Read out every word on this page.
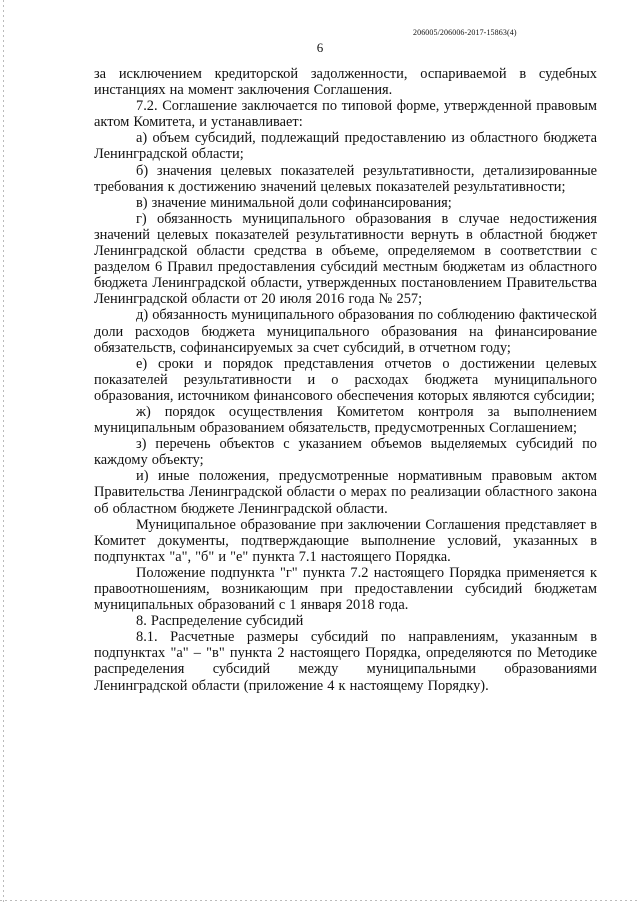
206005/206006-2017-15863(4)
6

за исключением кредиторской задолженности, оспариваемой в судебных инстанциях на момент заключения Соглашения.

7.2. Соглашение заключается по типовой форме, утвержденной правовым актом Комитета, и устанавливает:

а) объем субсидий, подлежащий предоставлению из областного бюджета Ленинградской области;

б) значения целевых показателей результативности, детализированные требования к достижению значений целевых показателей результативности;

в) значение минимальной доли софинансирования;

г) обязанность муниципального образования в случае недостижения значений целевых показателей результативности вернуть в областной бюджет Ленинградской области средства в объеме, определяемом в соответствии с разделом 6 Правил предоставления субсидий местным бюджетам из областного бюджета Ленинградской области, утвержденных постановлением Правительства Ленинградской области от 20 июля 2016 года № 257;

д) обязанность муниципального образования по соблюдению фактической доли расходов бюджета муниципального образования на финансирование обязательств, софинансируемых за счет субсидий, в отчетном году;

е) сроки и порядок представления отчетов о достижении целевых показателей результативности и о расходах бюджета муниципального образования, источником финансового обеспечения которых являются субсидии;

ж) порядок осуществления Комитетом контроля за выполнением муниципальным образованием обязательств, предусмотренных Соглашением;

з) перечень объектов с указанием объемов выделяемых субсидий по каждому объекту;

и) иные положения, предусмотренные нормативным правовым актом Правительства Ленинградской области о мерах по реализации областного закона об областном бюджете Ленинградской области.

Муниципальное образование при заключении Соглашения представляет в Комитет документы, подтверждающие выполнение условий, указанных в подпунктах "а", "б" и "е" пункта 7.1 настоящего Порядка.

Положение подпункта "г" пункта 7.2 настоящего Порядка применяется к правоотношениям, возникающим при предоставлении субсидий бюджетам муниципальных образований с 1 января 2018 года.

8. Распределение субсидий

8.1. Расчетные размеры субсидий по направлениям, указанным в подпунктах "а" – "в" пункта 2 настоящего Порядка, определяются по Методике распределения субсидий между муниципальными образованиями Ленинградской области (приложение 4 к настоящему Порядку).
